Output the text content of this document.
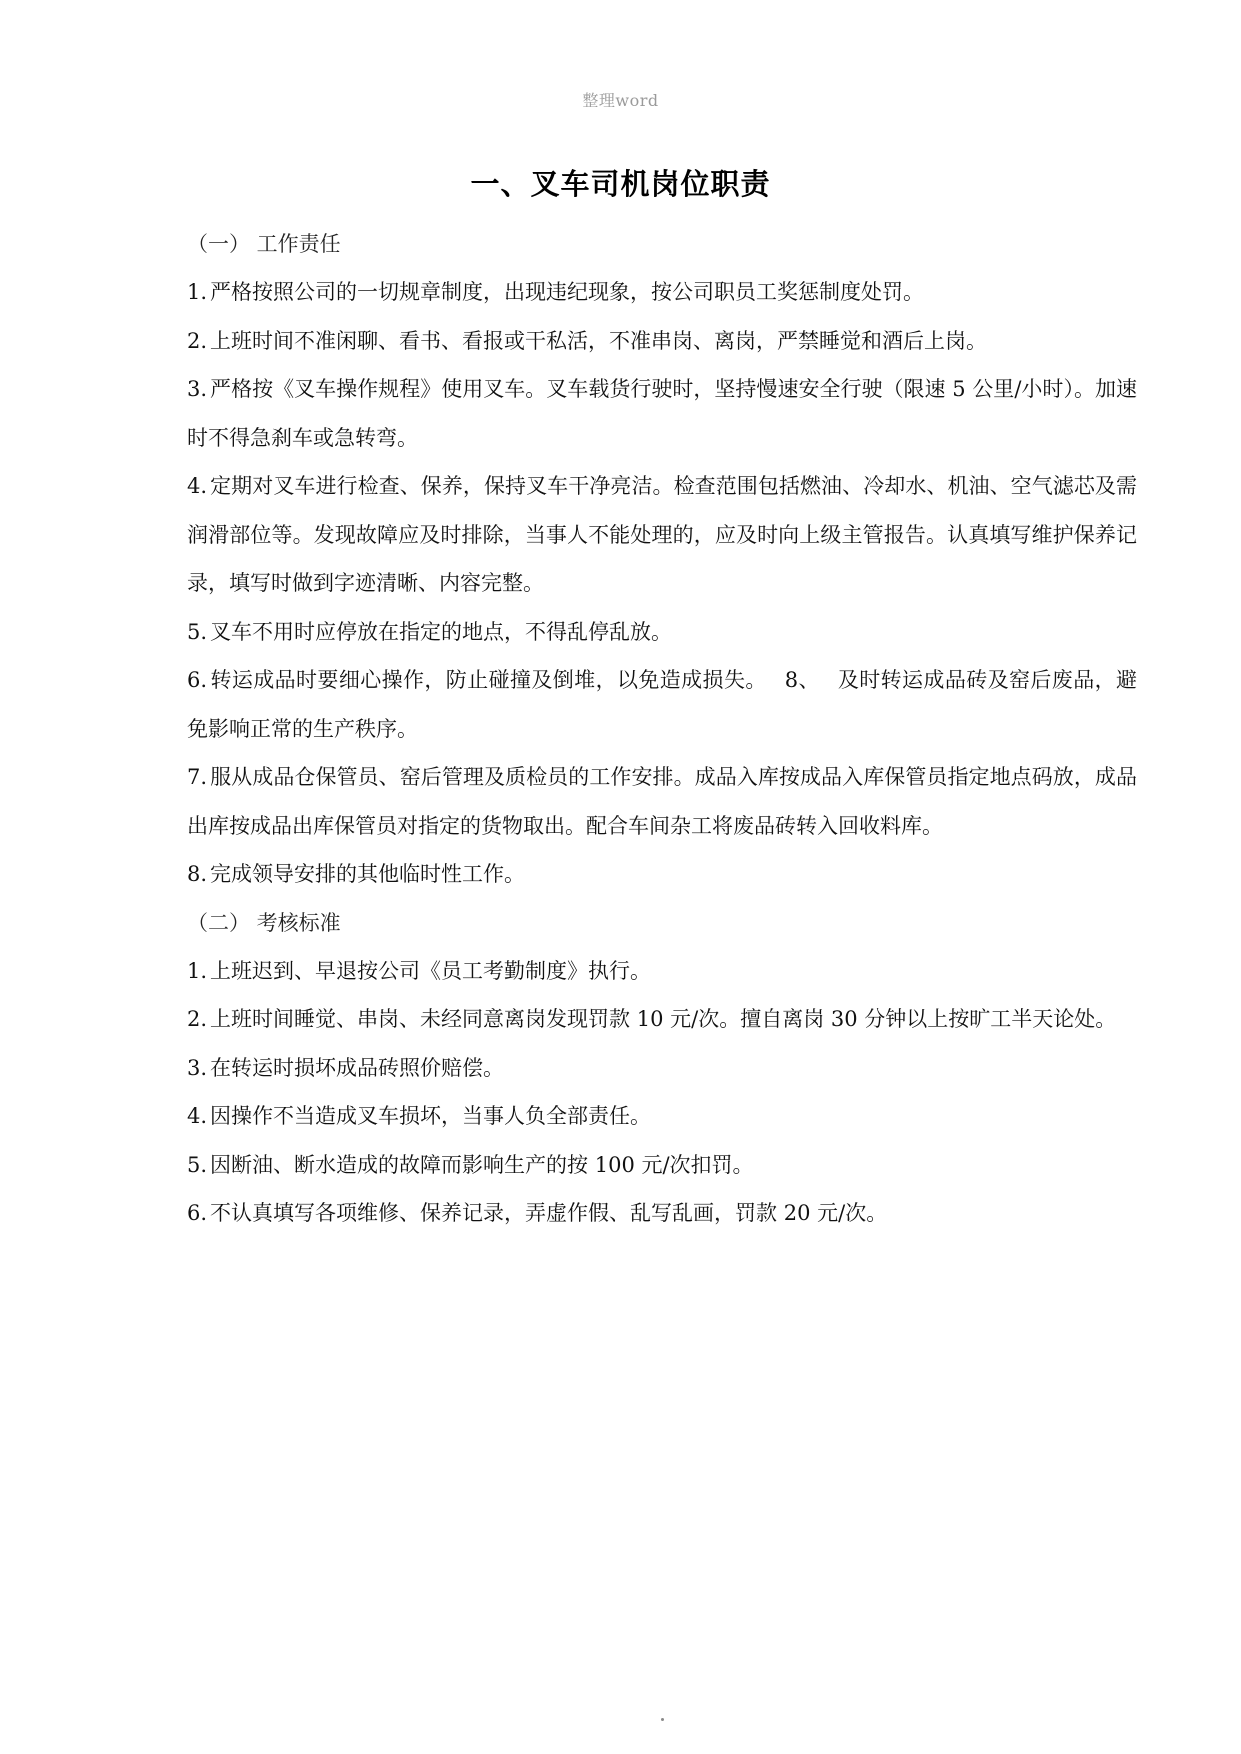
整理word
一、叉车司机岗位职责

（一） 工作责任

1. 严格按照公司的一切规章制度，出现违纪现象，按公司职员工奖惩制度处罚。

2. 上班时间不准闲聊、看书、看报或干私活，不准串岗、离岗，严禁睡觉和酒后上岗。

3. 严格按《叉车操作规程》使用叉车。叉车载货行驶时，坚持慢速安全行驶（限速 5 公里/小时）。加速时不得急刹车或急转弯。

4. 定期对叉车进行检查、保养，保持叉车干净亮洁。检查范围包括燃油、冷却水、机油、空气滤芯及需润滑部位等。发现故障应及时排除，当事人不能处理的，应及时向上级主管报告。认真填写维护保养记录，填写时做到字迹清晰、内容完整。

5. 叉车不用时应停放在指定的地点，不得乱停乱放。

6. 转运成品时要细心操作，防止碰撞及倒堆，以免造成损失。　 8、　 及时转运成品砖及窑后废品，避免影响正常的生产秩序。

7. 服从成品仓保管员、窑后管理及质检员的工作安排。成品入库按成品入库保管员指定地点码放，成品出库按成品出库保管员对指定的货物取出。配合车间杂工将废品砖转入回收料库。

8. 完成领导安排的其他临时性工作。

（二） 考核标准

1. 上班迟到、早退按公司《员工考勤制度》执行。

2. 上班时间睡觉、串岗、未经同意离岗发现罚款 10 元/次。擅自离岗 30 分钟以上按旷工半天论处。

3. 在转运时损坏成品砖照价赔偿。

4. 因操作不当造成叉车损坏，当事人负全部责任。

5. 因断油、断水造成的故障而影响生产的按 100 元/次扣罚。

6. 不认真填写各项维修、保养记录，弄虚作假、乱写乱画，罚款 20 元/次。
